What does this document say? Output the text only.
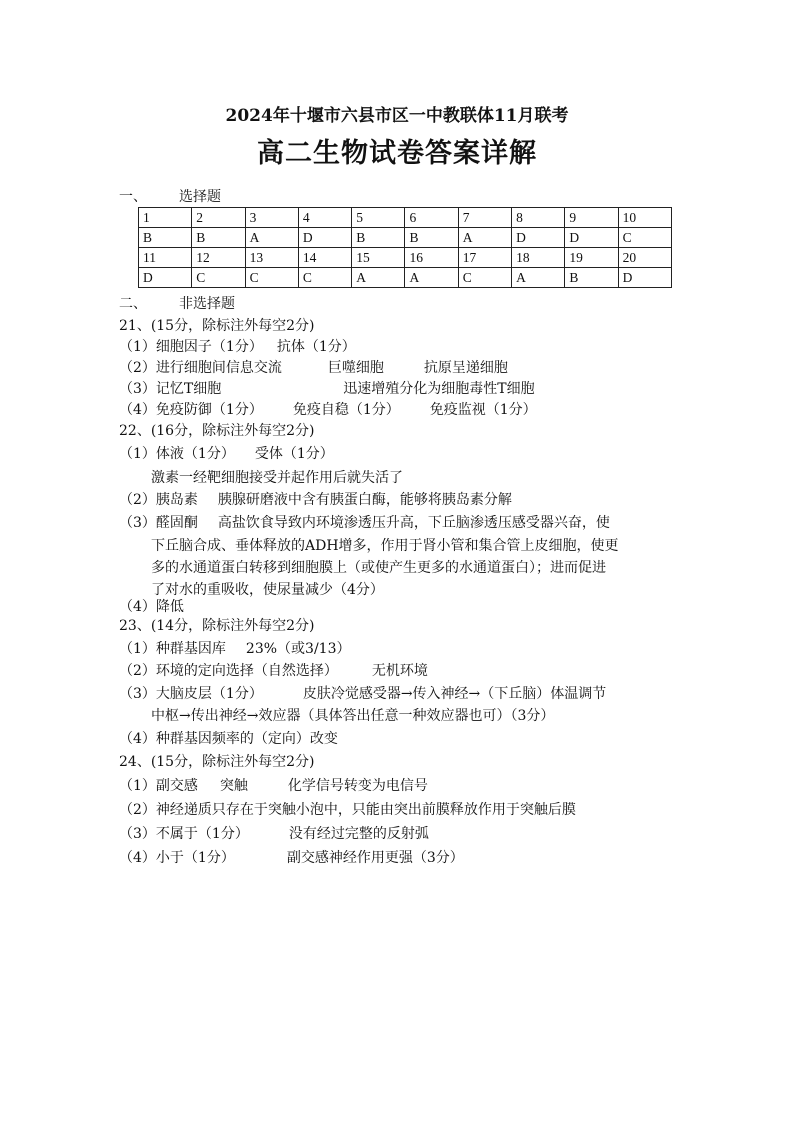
2024年十堰市六县市区一中教联体11月联考
高二生物试卷答案详解
一、 选择题
1	2	3	4	5	6	7	8	9	10
B	B	A	D	B	B	A	D	D	C
11	12	13	14	15	16	17	18	19	20
D	C	C	C	A	A	C	A	B	D
二、 非选择题
21、(15分，除标注外每空2分)
（1）细胞因子（1分） 抗体（1分）
（2）进行细胞间信息交流	巨噬细胞	抗原呈递细胞
（3）记忆T细胞	迅速增殖分化为细胞毒性T细胞
（4）免疫防御（1分） 免疫自稳（1分） 免疫监视（1分）
22、(16分，除标注外每空2分)
（1）体液（1分） 受体（1分）
激素一经靶细胞接受并起作用后就失活了
（2）胰岛素 胰腺研磨液中含有胰蛋白酶，能够将胰岛素分解
（3）醛固酮 高盐饮食导致内环境渗透压升高，下丘脑渗透压感受器兴奋，使
下丘脑合成、垂体释放的ADH增多，作用于肾小管和集合管上皮细胞，使更
多的水通道蛋白转移到细胞膜上（或使产生更多的水通道蛋白）；进而促进
了对水的重吸收，使尿量减少（4分）
（4）降低
23、(14分，除标注外每空2分)
（1）种群基因库 23%（或3/13）
（2）环境的定向选择（自然选择） 无机环境
（3）大脑皮层（1分）	皮肤冷觉感受器→传入神经→（下丘脑）体温调节
中枢→传出神经→效应器（具体答出任意一种效应器也可）（3分）
（4）种群基因频率的（定向）改变
24、(15分，除标注外每空2分)
（1）副交感 突触	化学信号转变为电信号
（2）神经递质只存在于突触小泡中，只能由突出前膜释放作用于突触后膜
（3）不属于（1分）	没有经过完整的反射弧
（4）小于（1分）	副交感神经作用更强（3分）
